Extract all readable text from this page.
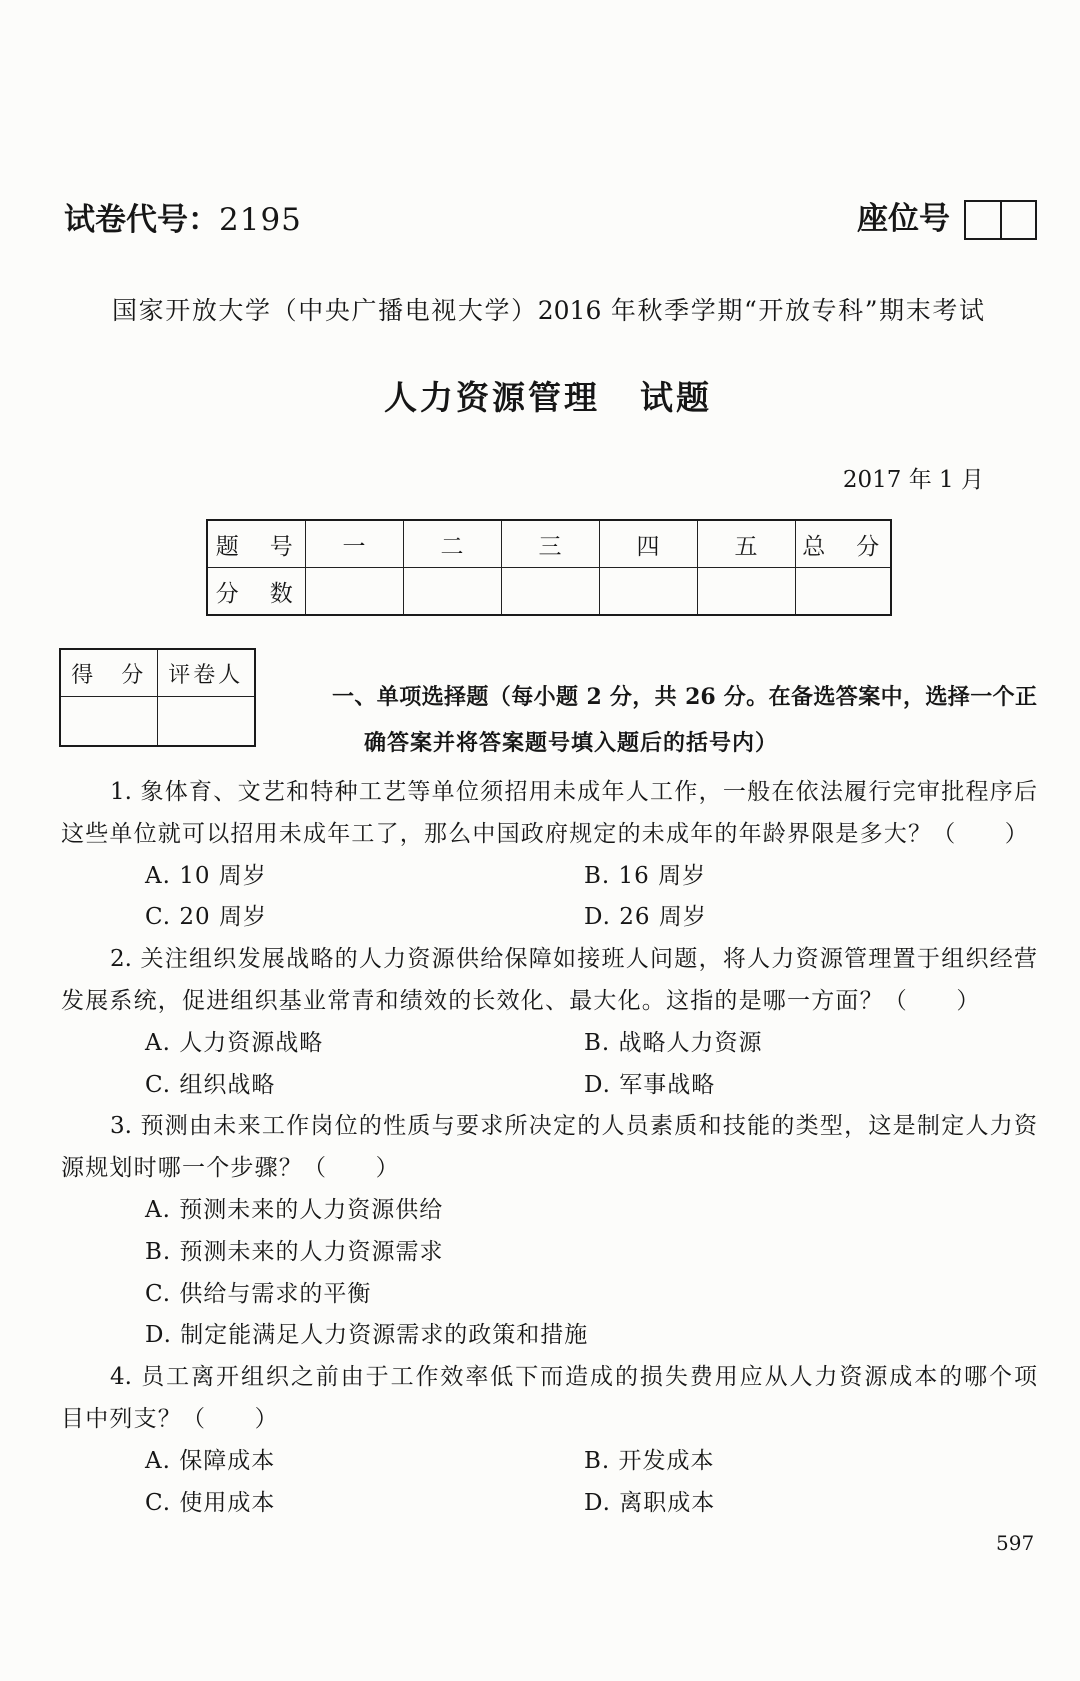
试卷代号：2195	座位号
国家开放大学（中央广播电视大学）2016 年秋季学期“开放专科”期末考试
人力资源管理 试题
2017 年 1 月
题　号	一	二	三	四	五	总　分
分　数						
得　分	评卷人

一、单项选择题（每小题 2 分，共 26 分。在备选答案中，选择一个正
确答案并将答案题号填入题后的括号内）
1. 象体育、文艺和特种工艺等单位须招用未成年人工作，一般在依法履行完审批程序后
这些单位就可以招用未成年工了，那么中国政府规定的未成年的年龄界限是多大？（　　）
A. 10 周岁	B. 16 周岁
C. 20 周岁	D. 26 周岁
2. 关注组织发展战略的人力资源供给保障如接班人问题，将人力资源管理置于组织经营
发展系统，促进组织基业常青和绩效的长效化、最大化。这指的是哪一方面？（　　）
A. 人力资源战略	B. 战略人力资源
C. 组织战略	D. 军事战略
3. 预测由未来工作岗位的性质与要求所决定的人员素质和技能的类型，这是制定人力资
源规划时哪一个步骤？（　　）
A. 预测未来的人力资源供给
B. 预测未来的人力资源需求
C. 供给与需求的平衡
D. 制定能满足人力资源需求的政策和措施
4. 员工离开组织之前由于工作效率低下而造成的损失费用应从人力资源成本的哪个项
目中列支？（　　）
A. 保障成本	B. 开发成本
C. 使用成本	D. 离职成本
597
